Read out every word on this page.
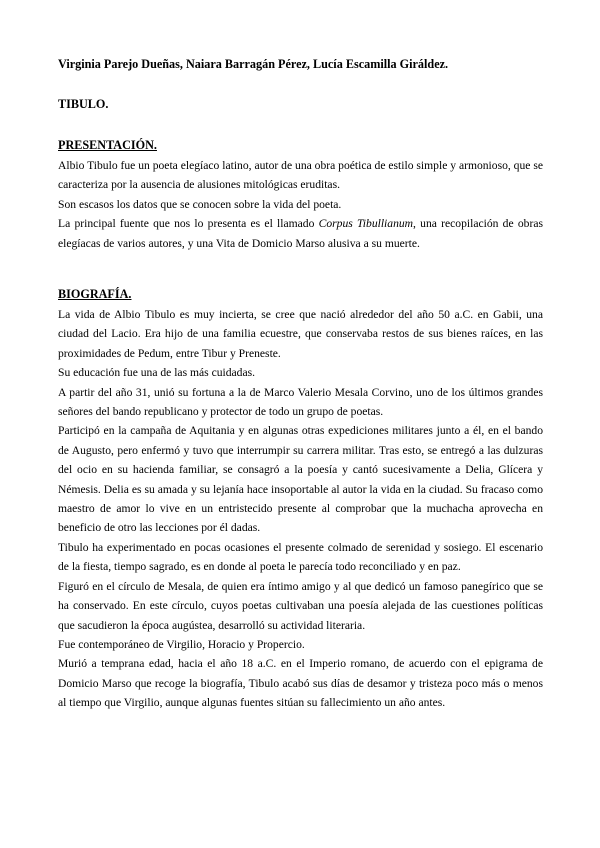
Virginia Parejo Dueñas, Naiara Barragán Pérez, Lucía Escamilla Giráldez.
TIBULO.
PRESENTACIÓN.

Albio Tibulo fue un poeta elegíaco latino, autor de una obra poética de estilo simple y armonioso, que se caracteriza por la ausencia de alusiones mitológicas eruditas.

Son escasos los datos que se conocen sobre la vida del poeta.

La principal fuente que nos lo presenta es el llamado Corpus Tibullianum, una recopilación de obras elegíacas de varios autores, y una Vita de Domicio Marso alusiva a su muerte.

BIOGRAFÍA.

La vida de Albio Tibulo es muy incierta, se cree que nació alrededor del año 50 a.C. en Gabii, una ciudad del Lacio. Era hijo de una familia ecuestre, que conservaba restos de sus bienes raíces, en las proximidades de Pedum, entre Tibur y Preneste.

Su educación fue una de las más cuidadas.

A partir del año 31, unió su fortuna a la de Marco Valerio Mesala Corvino, uno de los últimos grandes señores del bando republicano y protector de todo un grupo de poetas.

Participó en la campaña de Aquitania y en algunas otras expediciones militares junto a él, en el bando de Augusto, pero enfermó y tuvo que interrumpir su carrera militar. Tras esto, se entregó a las dulzuras del ocio en su hacienda familiar, se consagró a la poesía y cantó sucesivamente a Delia, Glícera y Némesis. Delia es su amada y su lejanía hace insoportable al autor la vida en la ciudad. Su fracaso como maestro de amor lo vive en un entristecido presente al comprobar que la muchacha aprovecha en beneficio de otro las lecciones por él dadas.

Tibulo ha experimentado en pocas ocasiones el presente colmado de serenidad y sosiego. El escenario de la fiesta, tiempo sagrado, es en donde al poeta le parecía todo reconciliado y en paz.

Figuró en el círculo de Mesala, de quien era íntimo amigo y al que dedicó un famoso panegírico que se ha conservado. En este círculo, cuyos poetas cultivaban una poesía alejada de las cuestiones políticas que sacudieron la época augústea, desarrolló su actividad literaria.

Fue contemporáneo de Virgilio, Horacio y Propercio.

Murió a temprana edad, hacia el año 18 a.C. en el Imperio romano, de acuerdo con el epigrama de Domicio Marso que recoge la biografía, Tibulo acabó sus días de desamor y tristeza poco más o menos al tiempo que Virgilio, aunque algunas fuentes sitúan su fallecimiento un año antes.
